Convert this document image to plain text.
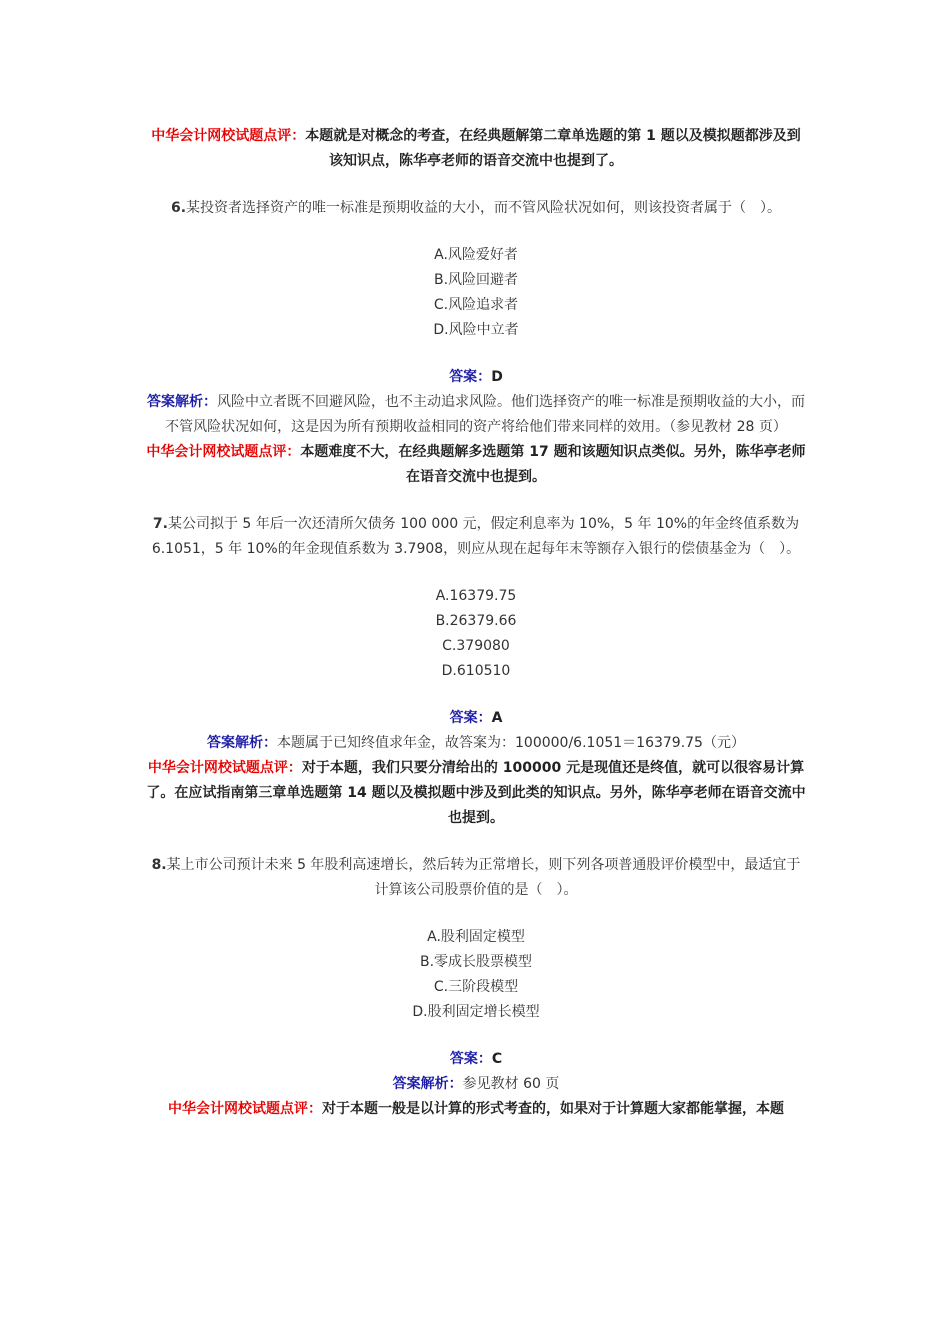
中华会计网校试题点评：本题就是对概念的考查，在经典题解第二章单选题的第 1 题以及模拟题都涉及到该知识点，陈华亭老师的语音交流中也提到了。

6.某投资者选择资产的唯一标准是预期收益的大小，而不管风险状况如何，则该投资者属于（　）。

A.风险爱好者

B.风险回避者

C.风险追求者

D.风险中立者

答案：D

答案解析：风险中立者既不回避风险，也不主动追求风险。他们选择资产的唯一标准是预期收益的大小，而不管风险状况如何，这是因为所有预期收益相同的资产将给他们带来同样的效用。（参见教材 28 页）

中华会计网校试题点评：本题难度不大，在经典题解多选题第 17 题和该题知识点类似。另外，陈华亭老师在语音交流中也提到。

7.某公司拟于 5 年后一次还清所欠债务 100 000 元，假定利息率为 10%，5 年 10%的年金终值系数为 6.1051，5 年 10%的年金现值系数为 3.7908，则应从现在起每年末等额存入银行的偿债基金为（　）。

A.16379.75

B.26379.66

C.379080

D.610510

答案：A

答案解析：本题属于已知终值求年金，故答案为：100000/6.1051＝16379.75（元）

中华会计网校试题点评：对于本题，我们只要分清给出的 100000 元是现值还是终值，就可以很容易计算了。在应试指南第三章单选题第 14 题以及模拟题中涉及到此类的知识点。另外，陈华亭老师在语音交流中也提到。

8.某上市公司预计未来 5 年股利高速增长，然后转为正常增长，则下列各项普通股评价模型中，最适宜于计算该公司股票价值的是（　）。

A.股利固定模型

B.零成长股票模型

C.三阶段模型

D.股利固定增长模型

答案：C

答案解析：参见教材 60 页

中华会计网校试题点评：对于本题一般是以计算的形式考查的，如果对于计算题大家都能掌握，本题
